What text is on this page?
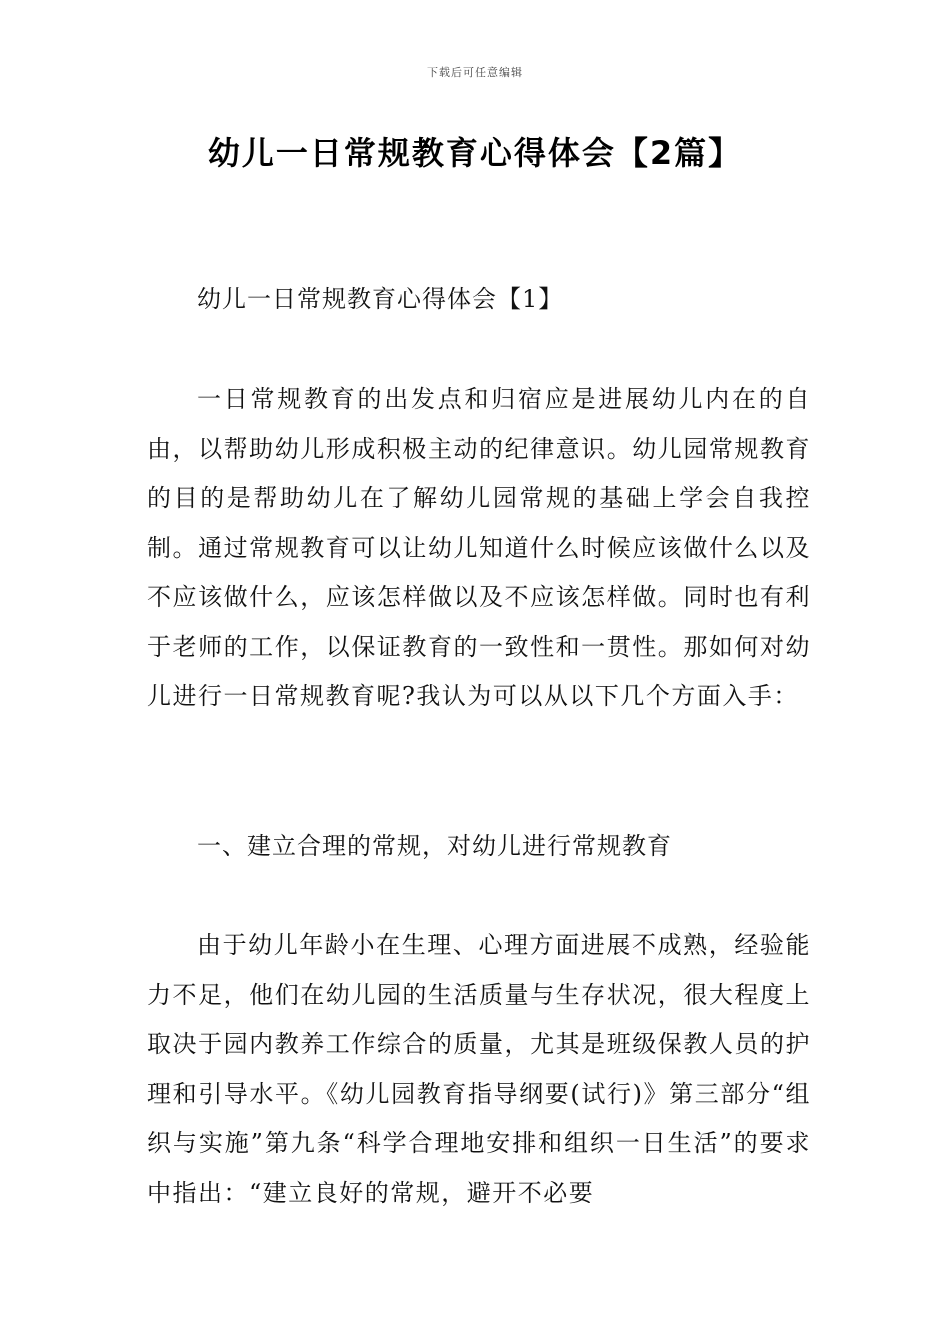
下载后可任意编辑
幼儿一日常规教育心得体会【2篇】
幼儿一日常规教育心得体会【1】

一日常规教育的出发点和归宿应是进展幼儿内在的自由，以帮助幼儿形成积极主动的纪律意识。幼儿园常规教育的目的是帮助幼儿在了解幼儿园常规的基础上学会自我控制。通过常规教育可以让幼儿知道什么时候应该做什么以及不应该做什么，应该怎样做以及不应该怎样做。同时也有利于老师的工作，以保证教育的一致性和一贯性。那如何对幼儿进行一日常规教育呢?我认为可以从以下几个方面入手：

一、建立合理的常规，对幼儿进行常规教育

由于幼儿年龄小在生理、心理方面进展不成熟，经验能力不足，他们在幼儿园的生活质量与生存状况，很大程度上取决于园内教养工作综合的质量，尤其是班级保教人员的护理和引导水平。《幼儿园教育指导纲要(试行)》第三部分“组织与实施”第九条“科学合理地安排和组织一日生活”的要求中指出：“建立良好的常规，避开不必要
